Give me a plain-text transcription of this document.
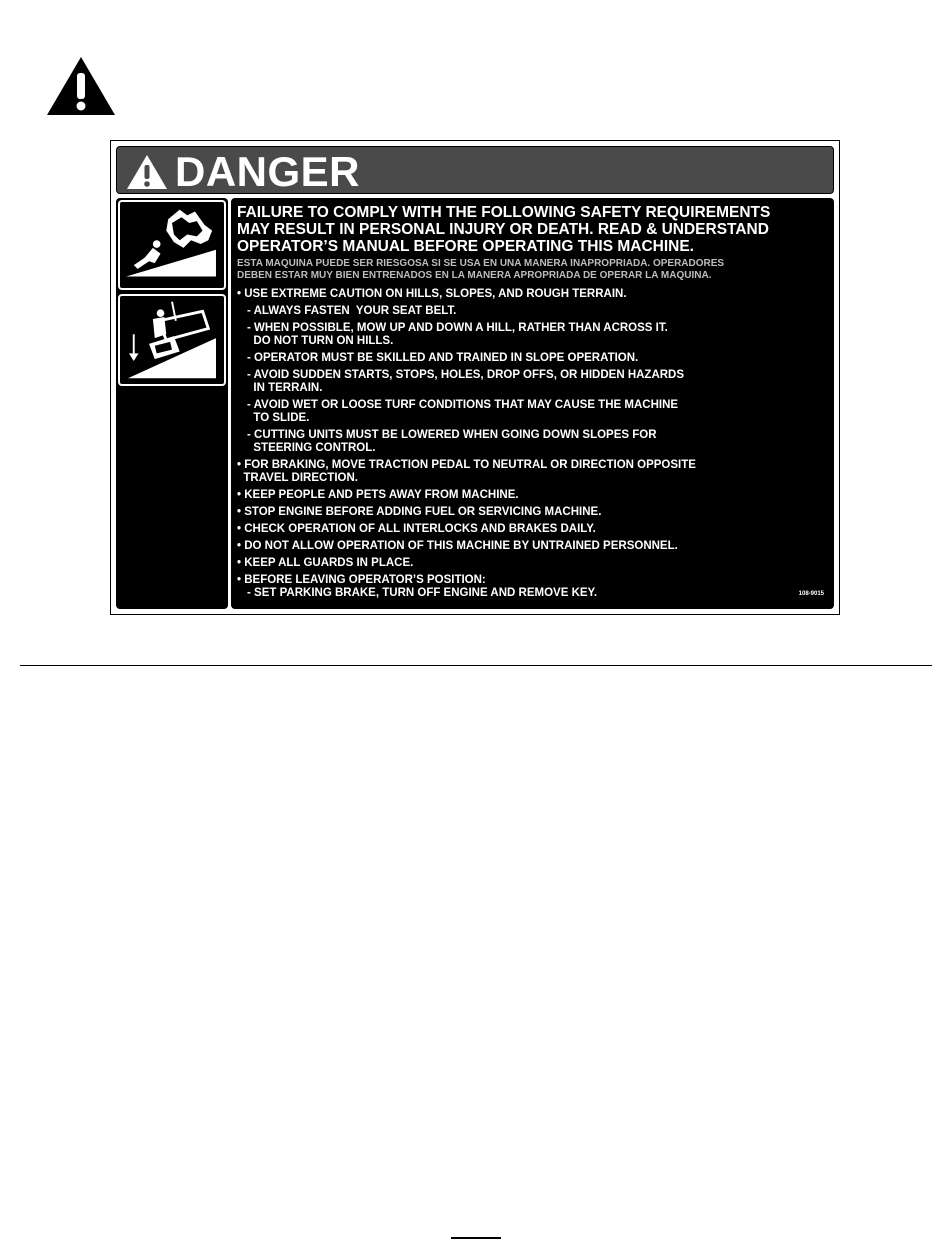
DANGER

FAILURE TO COMPLY WITH THE FOLLOWING SAFETY REQUIREMENTS
MAY RESULT IN PERSONAL INJURY OR DEATH. READ & UNDERSTAND
OPERATOR’S MANUAL BEFORE OPERATING THIS MACHINE.

ESTA MAQUINA PUEDE SER RIESGOSA SI SE USA EN UNA MANERA INAPROPRIADA. OPERADORES
DEBEN ESTAR MUY BIEN ENTRENADOS EN LA MANERA APROPRIADA DE OPERAR LA MAQUINA.

• USE EXTREME CAUTION ON HILLS, SLOPES, AND ROUGH TERRAIN.
- ALWAYS FASTEN  YOUR SEAT BELT.
- WHEN POSSIBLE, MOW UP AND DOWN A HILL, RATHER THAN ACROSS IT.
DO NOT TURN ON HILLS.
- OPERATOR MUST BE SKILLED AND TRAINED IN SLOPE OPERATION.
- AVOID SUDDEN STARTS, STOPS, HOLES, DROP OFFS, OR HIDDEN HAZARDS
IN TERRAIN.
- AVOID WET OR LOOSE TURF CONDITIONS THAT MAY CAUSE THE MACHINE
TO SLIDE.
- CUTTING UNITS MUST BE LOWERED WHEN GOING DOWN SLOPES FOR
STEERING CONTROL.
• FOR BRAKING, MOVE TRACTION PEDAL TO NEUTRAL OR DIRECTION OPPOSITE
TRAVEL DIRECTION.
• KEEP PEOPLE AND PETS AWAY FROM MACHINE.
• STOP ENGINE BEFORE ADDING FUEL OR SERVICING MACHINE.
• CHECK OPERATION OF ALL INTERLOCKS AND BRAKES DAILY.
• DO NOT ALLOW OPERATION OF THIS MACHINE BY UNTRAINED PERSONNEL.
• KEEP ALL GUARDS IN PLACE.
• BEFORE LEAVING OPERATOR’S POSITION:
- SET PARKING BRAKE, TURN OFF ENGINE AND REMOVE KEY.	108-9015
